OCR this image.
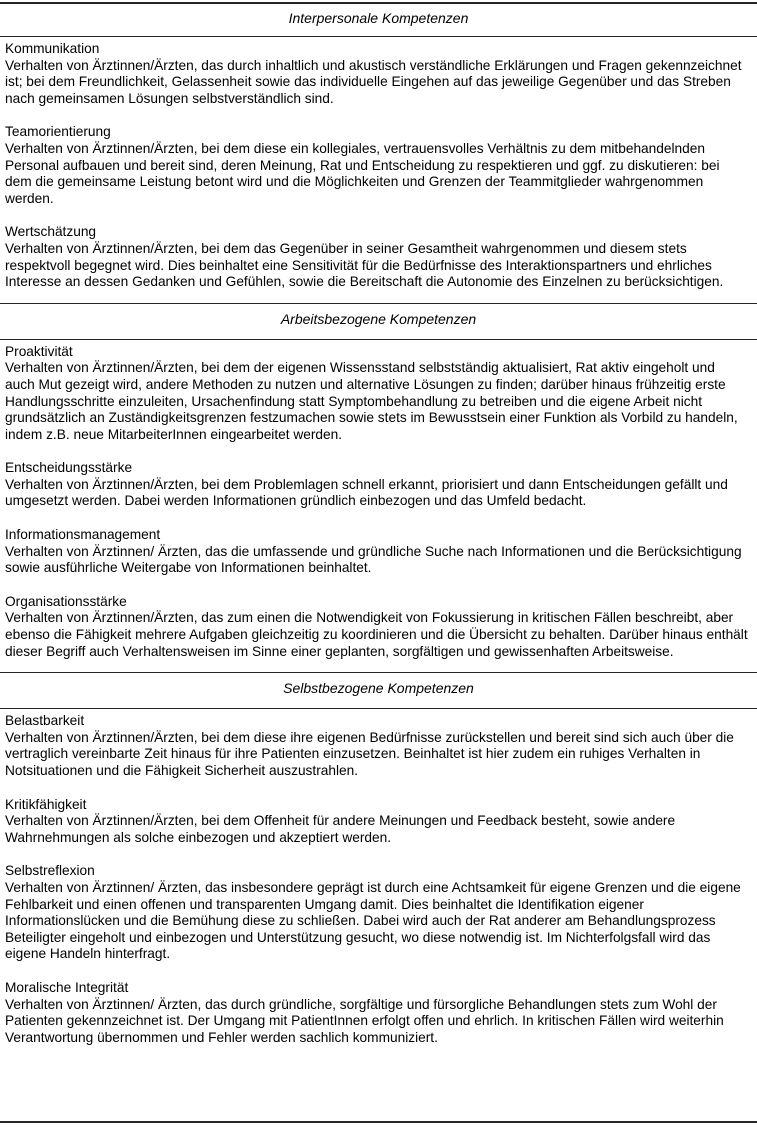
Interpersonale Kompetenzen
Kommunikation
Verhalten von Ärztinnen/Ärzten, das durch inhaltlich und akustisch verständliche Erklärungen und Fragen gekennzeichnet ist; bei dem Freundlichkeit, Gelassenheit sowie das individuelle Eingehen auf das jeweilige Gegenüber und das Streben nach gemeinsamen Lösungen selbstverständlich sind.
Teamorientierung
Verhalten von Ärztinnen/Ärzten, bei dem diese ein kollegiales, vertrauensvolles Verhältnis zu dem mitbehandelnden Personal aufbauen und bereit sind, deren Meinung, Rat und Entscheidung zu respektieren und ggf. zu diskutieren: bei dem die gemeinsame Leistung betont wird und die Möglichkeiten und Grenzen der Teammitglieder wahrgenommen werden.
Wertschätzung
Verhalten von Ärztinnen/Ärzten, bei dem das Gegenüber in seiner Gesamtheit wahrgenommen und diesem stets respektvoll begegnet wird. Dies beinhaltet eine Sensitivität für die Bedürfnisse des Interaktionspartners und ehrliches Interesse an dessen Gedanken und Gefühlen, sowie die Bereitschaft die Autonomie des Einzelnen zu berücksichtigen.
Arbeitsbezogene Kompetenzen
Proaktivität
Verhalten von Ärztinnen/Ärzten, bei dem der eigenen Wissensstand selbstständig aktualisiert, Rat aktiv eingeholt und auch Mut gezeigt wird, andere Methoden zu nutzen und alternative Lösungen zu finden; darüber hinaus frühzeitig erste Handlungsschritte einzuleiten, Ursachenfindung statt Symptombehandlung zu betreiben und die eigene Arbeit nicht grundsätzlich an Zuständigkeitsgrenzen festzumachen sowie stets im Bewusstsein einer Funktion als Vorbild zu handeln, indem z.B. neue MitarbeiterInnen eingearbeitet werden.
Entscheidungsstärke
Verhalten von Ärztinnen/Ärzten, bei dem Problemlagen schnell erkannt, priorisiert und dann Entscheidungen gefällt und umgesetzt werden. Dabei werden Informationen gründlich einbezogen und das Umfeld bedacht.
Informationsmanagement
Verhalten von Ärztinnen/ Ärzten, das die umfassende und gründliche Suche nach Informationen und die Berücksichtigung sowie ausführliche Weitergabe von Informationen beinhaltet.
Organisationsstärke
Verhalten von Ärztinnen/Ärzten, das zum einen die Notwendigkeit von Fokussierung in kritischen Fällen beschreibt, aber ebenso die Fähigkeit mehrere Aufgaben gleichzeitig zu koordinieren und die Übersicht zu behalten. Darüber hinaus enthält dieser Begriff auch Verhaltensweisen im Sinne einer geplanten, sorgfältigen und gewissenhaften Arbeitsweise.
Selbstbezogene Kompetenzen
Belastbarkeit
Verhalten von Ärztinnen/Ärzten, bei dem diese ihre eigenen Bedürfnisse zurückstellen und bereit sind sich auch über die vertraglich vereinbarte Zeit hinaus für ihre Patienten einzusetzen. Beinhaltet ist hier zudem ein ruhiges Verhalten in Notsituationen und die Fähigkeit Sicherheit auszustrahlen.
Kritikfähigkeit
Verhalten von Ärztinnen/Ärzten, bei dem Offenheit für andere Meinungen und Feedback besteht, sowie andere Wahrnehmungen als solche einbezogen und akzeptiert werden.
Selbstreflexion
Verhalten von Ärztinnen/ Ärzten, das insbesondere geprägt ist durch eine Achtsamkeit für eigene Grenzen und die eigene Fehlbarkeit und einen offenen und transparenten Umgang damit. Dies beinhaltet die Identifikation eigener Informationslücken und die Bemühung diese zu schließen. Dabei wird auch der Rat anderer am Behandlungsprozess Beteiligter eingeholt und einbezogen und Unterstützung gesucht, wo diese notwendig ist. Im Nichterfolgsfall wird das eigene Handeln hinterfragt.
Moralische Integrität
Verhalten von Ärztinnen/ Ärzten, das durch gründliche, sorgfältige und fürsorgliche Behandlungen stets zum Wohl der Patienten gekennzeichnet ist. Der Umgang mit PatientInnen erfolgt offen und ehrlich. In kritischen Fällen wird weiterhin Verantwortung übernommen und Fehler werden sachlich kommuniziert.
